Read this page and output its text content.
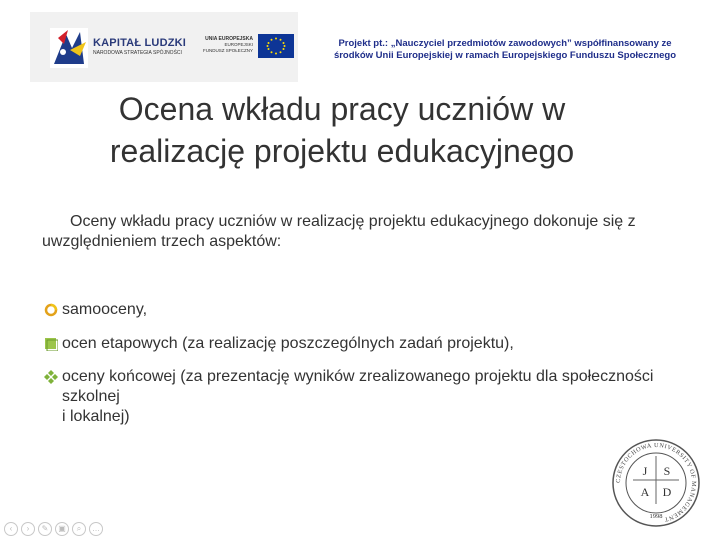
KAPITAŁ LUDZKI
NARODOWA STRATEGIA SPÓJNOŚCI
UNIA EUROPEJSKA
EUROPEJSKI
FUNDUSZ SPOŁECZNY
Projekt pt.: „Nauczyciel przedmiotów zawodowych” współfinansowany ze
środków Unii Europejskiej w ramach Europejskiego Funduszu Społecznego
Ocena wkładu pracy uczniów w
realizację projektu edukacyjnego
Oceny wkładu pracy uczniów w realizację projektu edukacyjnego dokonuje się z uwzględnieniem trzech aspektów:
samooceny,
ocen etapowych (za realizację poszczególnych zadań projektu),
oceny końcowej (za prezentację wyników zrealizowanego projektu dla społeczności szkolnej
i lokalnej)
CZESTOCHOWA UNIVERSITY OF MANAGEMENT
J S
A D
1998
‹	›	✎	▣	⌕	…
